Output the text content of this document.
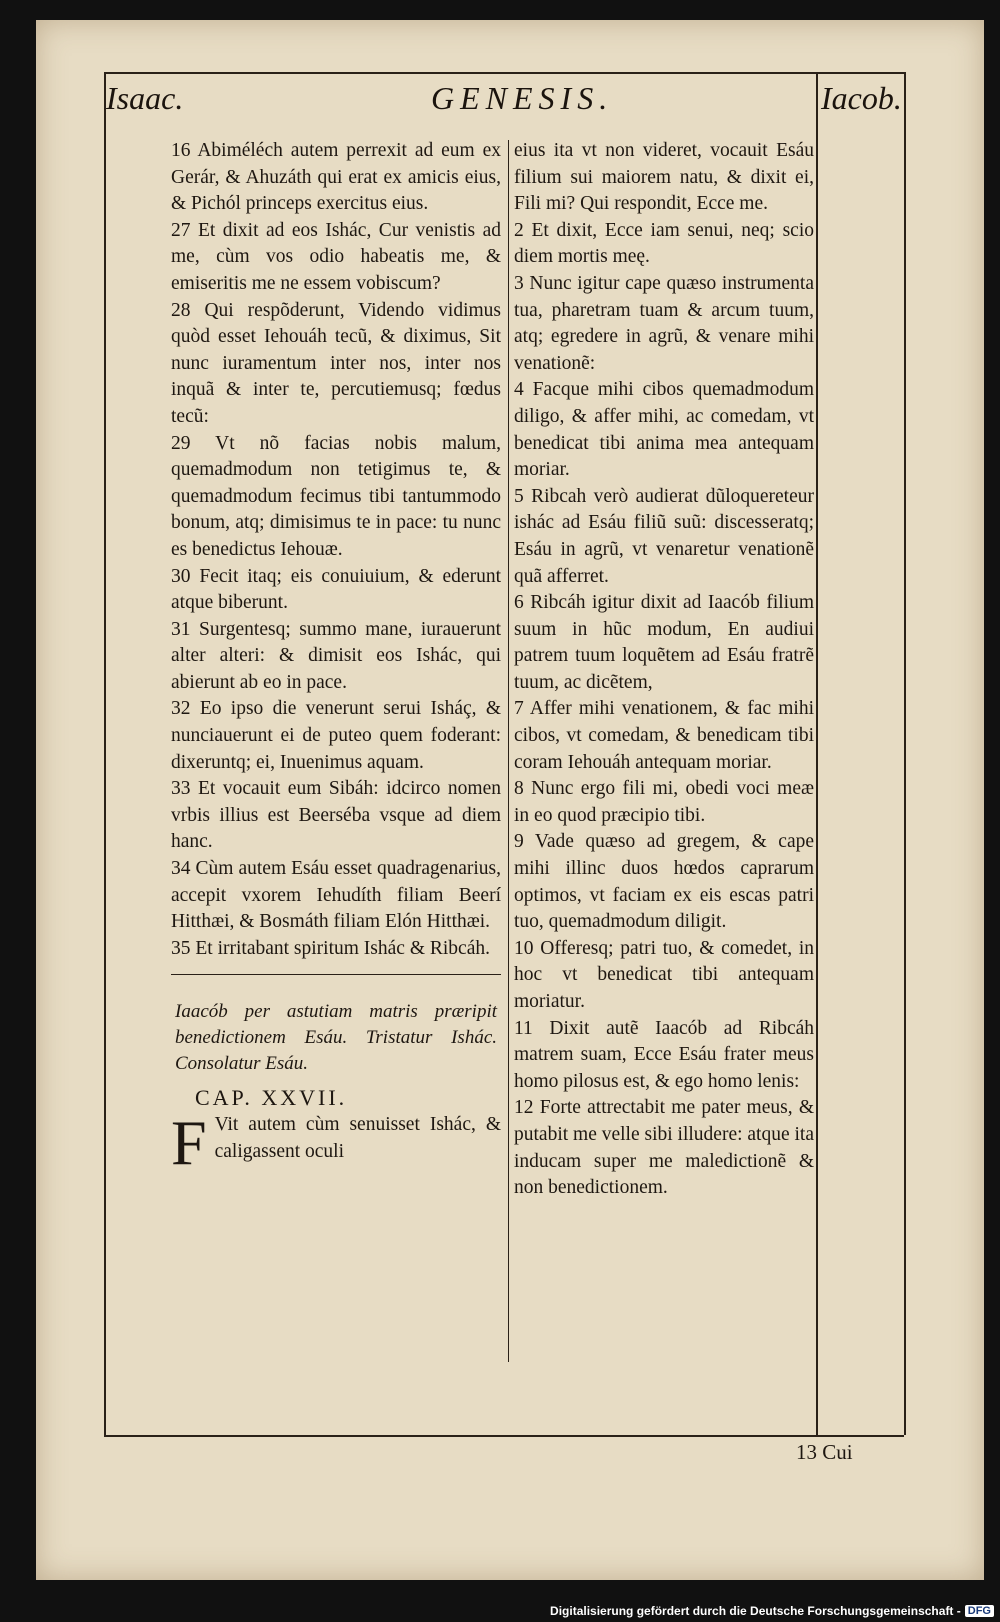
Isaac.	GENESIS.	Iacob.

16 Abiméléch autem perrexit ad eum ex Gerár, & Ahuzáth qui erat ex amicis eius, & Pichól princeps exercitus eius.

27 Et dixit ad eos Ishác, Cur venistis ad me, cùm vos odio habeatis me, & emiseritis me ne essem vobiscum?

28 Qui respõderunt, Videndo vidimus quòd esset Iehouáh tecũ, & diximus, Sit nunc iuramentum inter nos, inter nos inquã & inter te, percutiemusq; fœdus tecũ:

29 Vt nõ facias nobis malum, quemadmodum non tetigimus te, & quemadmodum fecimus tibi tantummodo bonum, atq; dimisimus te in pace: tu nunc es benedictus Iehouæ.

30 Fecit itaq; eis conuiuium, & ederunt atque biberunt.

31 Surgentesq; summo mane, iurauerunt alter alteri: & dimisit eos Ishác, qui abierunt ab eo in pace.

32 Eo ipso die venerunt serui Isháç, & nunciauerunt ei de puteo quem foderant: dixeruntq; ei, Inuenimus aquam.

33 Et vocauit eum Sibáh: idcirco nomen vrbis illius est Beerséba vsque ad diem hanc.

34 Cùm autem Esáu esset quadragenarius, accepit vxorem Iehudíth filiam Beerí Hitthæi, & Bosmáth filiam Elón Hitthæi.

35 Et irritabant spiritum Ishác & Ribcáh.

Iaacób per astutiam matris præripit benedictionem Esáu. Tristatur Ishác. Consolatur Esáu.

CAP. XXVII.

F Vit autem cùm senuisset Ishác, & caligassent oculi

eius ita vt non videret, vocauit Esáu filium sui maiorem natu, & dixit ei, Fili mi? Qui respondit, Ecce me.

2 Et dixit, Ecce iam senui, neq; scio diem mortis meę.

3 Nunc igitur cape quæso instrumenta tua, pharetram tuam & arcum tuum, atq; egredere in agrũ, & venare mihi venationẽ:

4 Facque mihi cibos quemadmodum diligo, & affer mihi, ac comedam, vt benedicat tibi anima mea antequam moriar.

5 Ribcah verò audierat dũloquereteur ishác ad Esáu filiũ suũ: discesseratq; Esáu in agrũ, vt venaretur venationẽ quã afferret.

6 Ribcáh igitur dixit ad Iaacób filium suum in hũc modum, En audiui patrem tuum loquẽtem ad Esáu fratrẽ tuum, ac dicẽtem,

7 Affer mihi venationem, & fac mihi cibos, vt comedam, & benedicam tibi coram Iehouáh antequam moriar.

8 Nunc ergo fili mi, obedi voci meæ in eo quod præcipio tibi.

9 Vade quæso ad gregem, & cape mihi illinc duos hœdos caprarum optimos, vt faciam ex eis escas patri tuo, quemadmodum diligit.

10 Offeresq; patri tuo, & comedet, in hoc vt benedicat tibi antequam moriatur.

11 Dixit autẽ Iaacób ad Ribcáh matrem suam, Ecce Esáu frater meus homo pilosus est, & ego homo lenis:

12 Forte attrectabit me pater meus, & putabit me velle sibi illudere: atque ita inducam super me maledictionẽ & non benedictionem.

13 Cui
Digitalisierung gefördert durch die Deutsche Forschungsgemeinschaft - DFG
